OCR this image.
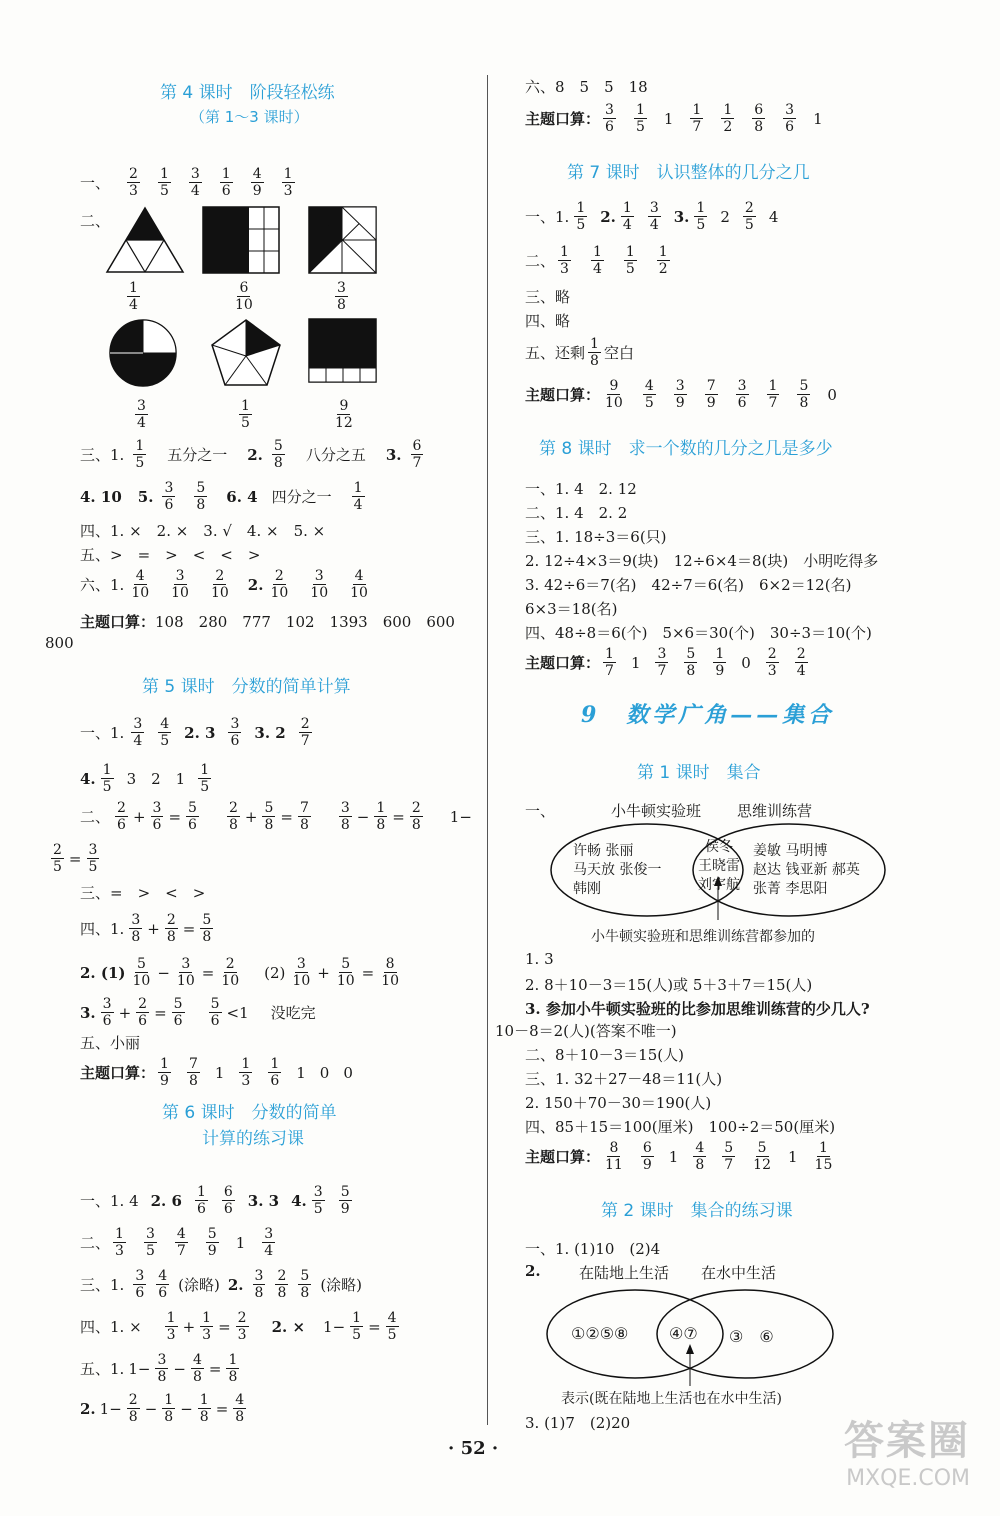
第 4 课时　阶段轻松练
（第 1～3 课时）
一、 $\frac{2}{3} \frac{1}{5} \frac{3}{4} \frac{1}{6} \frac{4}{9} \frac{1}{3}$
二、
$\frac{1}{4}$	$\frac{6}{10}$	$\frac{3}{8}$
$\frac{3}{4}$	$\frac{1}{5}$	$\frac{9}{12}$
三、1. $\frac{1}{5}$ 五分之一 2. $\frac{5}{8}$ 八分之五 3. $\frac{6}{7}$
4. 10 5. $\frac{3}{6} \frac{5}{8} 6$. 4 四分之一 $\frac{1}{4}$
四、1. ×　2. ×　3. √　4. ×　5. ×
五、>　=　>　<　<　>
六、1. $\frac{4}{10} \frac{3}{10} \frac{2}{10} 2$. $\frac{2}{10} \frac{3}{10} \frac{4}{10}$
主题口算：108　280　777　102　1393　600　600
800
第 5 课时　分数的简单计算
一、1. $\frac{3}{4} \frac{4}{5} 2$. $3 \frac{3}{6} 3$. $2 \frac{2}{7}$
4. $\frac{1}{5} 3$　2　$1 \frac{1}{5}$
二、 $\frac{2}{6} + \frac{3}{6} = \frac{5}{6} \frac{2}{8} + \frac{5}{8} = \frac{7}{8} \frac{3}{8} - \frac{1}{8} = \frac{2}{8} 1-$
$\frac{2}{5} = \frac{3}{5}$
三、=　>　<　>
四、1. $\frac{3}{8} + \frac{2}{8} = \frac{5}{8}$
2. $(1) \frac{5}{10} - \frac{3}{10} = \frac{2}{10} (2) \frac{3}{10} + \frac{5}{10} = \frac{8}{10}$
3. $\frac{3}{6} + \frac{2}{6} = \frac{5}{6} \frac{5}{6} <1$ 没吃完
五、小丽
主题口算： $\frac{1}{9} \frac{7}{8} 1 \frac{1}{3} \frac{1}{6} 1$ 0 0
第 6 课时　分数的简单
计算的练习课
一、1. 4 2. $6 \frac{1}{6} \frac{6}{6} 3$. 3 4. $\frac{3}{5} \frac{5}{9}$
二、 $\frac{1}{3} \frac{3}{5} \frac{4}{7} \frac{5}{9} 1 \frac{3}{4}$
三、1. $\frac{3}{6} \frac{4}{6}$ (涂略) 2. $\frac{3}{8} \frac{2}{8} \frac{5}{8}$ (涂略)
四、1. × $\frac{1}{3} + \frac{1}{3} = \frac{2}{3} 2$. × $1- \frac{1}{5} = \frac{4}{5}$
五、1. $1- \frac{3}{8} - \frac{4}{8} = \frac{1}{8}$
2. $1- \frac{2}{8} - \frac{1}{8} - \frac{1}{8} = \frac{4}{8}$
六、8　5　5　18
主题口算： $\frac{3}{6} \frac{1}{5} 1 \frac{1}{7} \frac{1}{2} \frac{6}{8} \frac{3}{6} 1$
第 7 课时　认识整体的几分之几
一、1. $\frac{1}{5} 2$. $\frac{1}{4} \frac{3}{4} 3$. $\frac{1}{5} 2 \frac{2}{5} 4$
二、 $\frac{1}{3} \frac{1}{4} \frac{1}{5} \frac{1}{2}$
三、略
四、略
五、还剩 $\frac{1}{8}$ 空白
主题口算： $\frac{9}{10} \frac{4}{5} \frac{3}{9} \frac{7}{9} \frac{3}{6} \frac{1}{7} \frac{5}{8} 0$
第 8 课时　求一个数的几分之几是多少
一、1. 4　2. 12
二、1. 4　2. 2
三、1. 18÷3＝6(只)
2. 12÷4×3＝9(块)　12÷6×4＝8(块)　小明吃得多
3. 42÷6＝7(名)　42÷7＝6(名)　6×2＝12(名)
6×3＝18(名)
四、48÷8＝6(个)　5×6＝30(个)　30÷3＝10(个)
主题口算： $\frac{1}{7} 1 \frac{3}{7} \frac{5}{8} \frac{1}{9} 0 \frac{2}{3} \frac{2}{4}$
9　数学广角——集合
第 1 课时　集合
一、	小牛顿实验班 思维训练营
许畅 张丽
马天放 张俊一
韩刚
侯冬
王晓雷
刘宇航
姜敏 马明博
赵达 钱亚新 郝英
张菁 李思阳
小牛顿实验班和思维训练营都参加的
1. 3
2. 8＋10－3＝15(人)或 5＋3＋7＝15(人)
3. 参加小牛顿实验班的比参加思维训练营的少几人?
10－8＝2(人)(答案不唯一)
二、8＋10－3＝15(人)
三、1. 32＋27－48＝11(人)
2. 150＋70－30＝190(人)
四、85＋15＝100(厘米)　100÷2＝50(厘米)
主题口算： $\frac{8}{11} \frac{6}{9} 1 \frac{4}{8} \frac{5}{7} \frac{5}{12} 1 \frac{1}{15}$
第 2 课时　集合的练习课
一、1. (1)10　(2)4
2.	在陆地上生活 在水中生活
①②⑤⑧	④⑦ ③　⑥
表示(既在陆地上生活也在水中生活)
3. (1)7　(2)20
· 52 ·	答案圈
MXQE.COM
